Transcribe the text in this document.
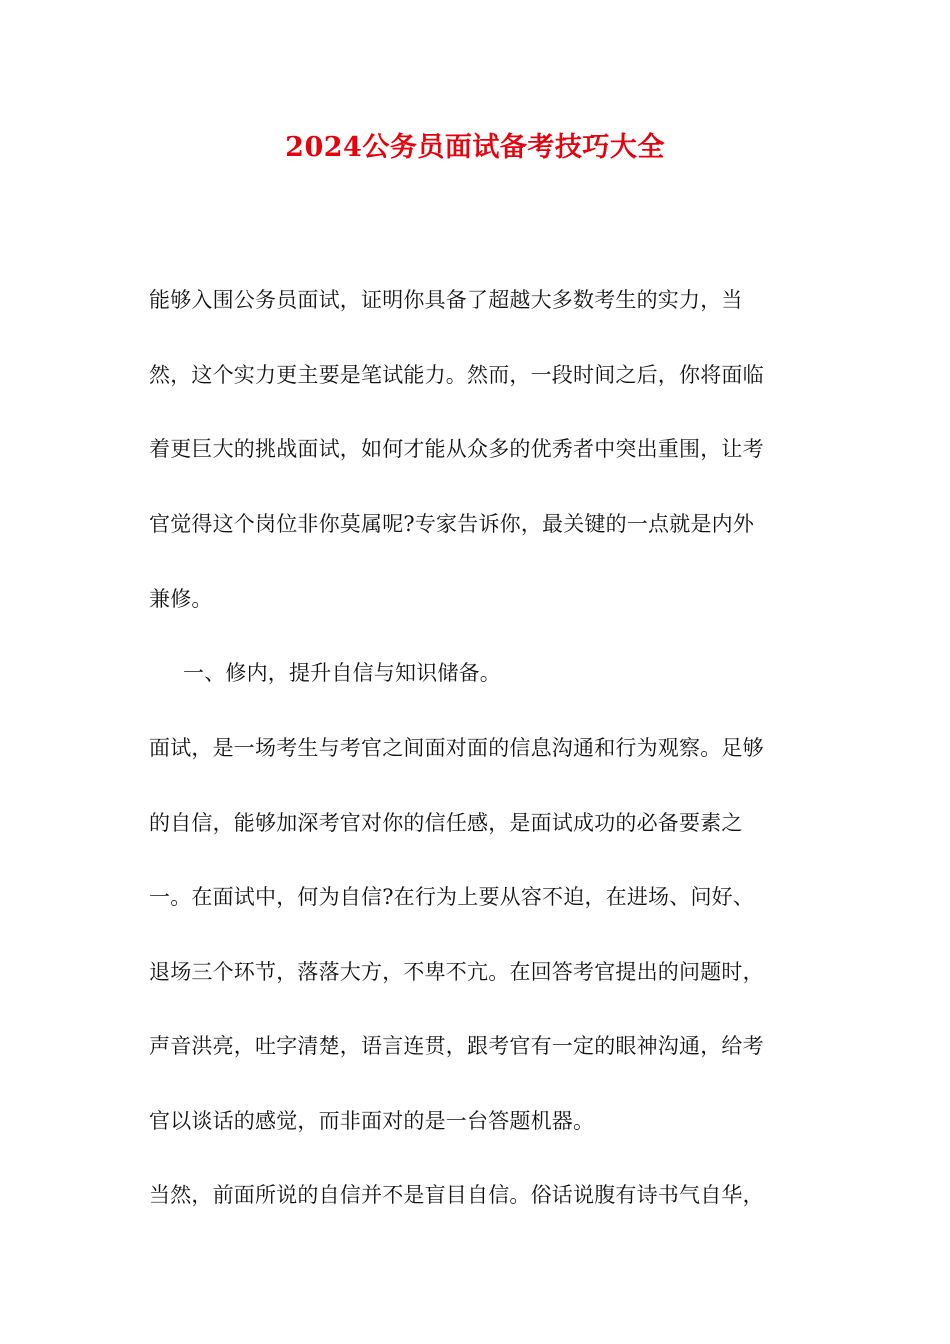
2024公务员面试备考技巧大全
能够入围公务员面试，证明你具备了超越大多数考生的实力，当
然，这个实力更主要是笔试能力。然而，一段时间之后，你将面临
着更巨大的挑战面试，如何才能从众多的优秀者中突出重围，让考
官觉得这个岗位非你莫属呢?专家告诉你，最关键的一点就是内外
兼修。
一、修内，提升自信与知识储备。
面试，是一场考生与考官之间面对面的信息沟通和行为观察。足够
的自信，能够加深考官对你的信任感，是面试成功的必备要素之
一。在面试中，何为自信?在行为上要从容不迫，在进场、问好、
退场三个环节，落落大方，不卑不亢。在回答考官提出的问题时，
声音洪亮，吐字清楚，语言连贯，跟考官有一定的眼神沟通，给考
官以谈话的感觉，而非面对的是一台答题机器。
当然，前面所说的自信并不是盲目自信。俗话说腹有诗书气自华，
